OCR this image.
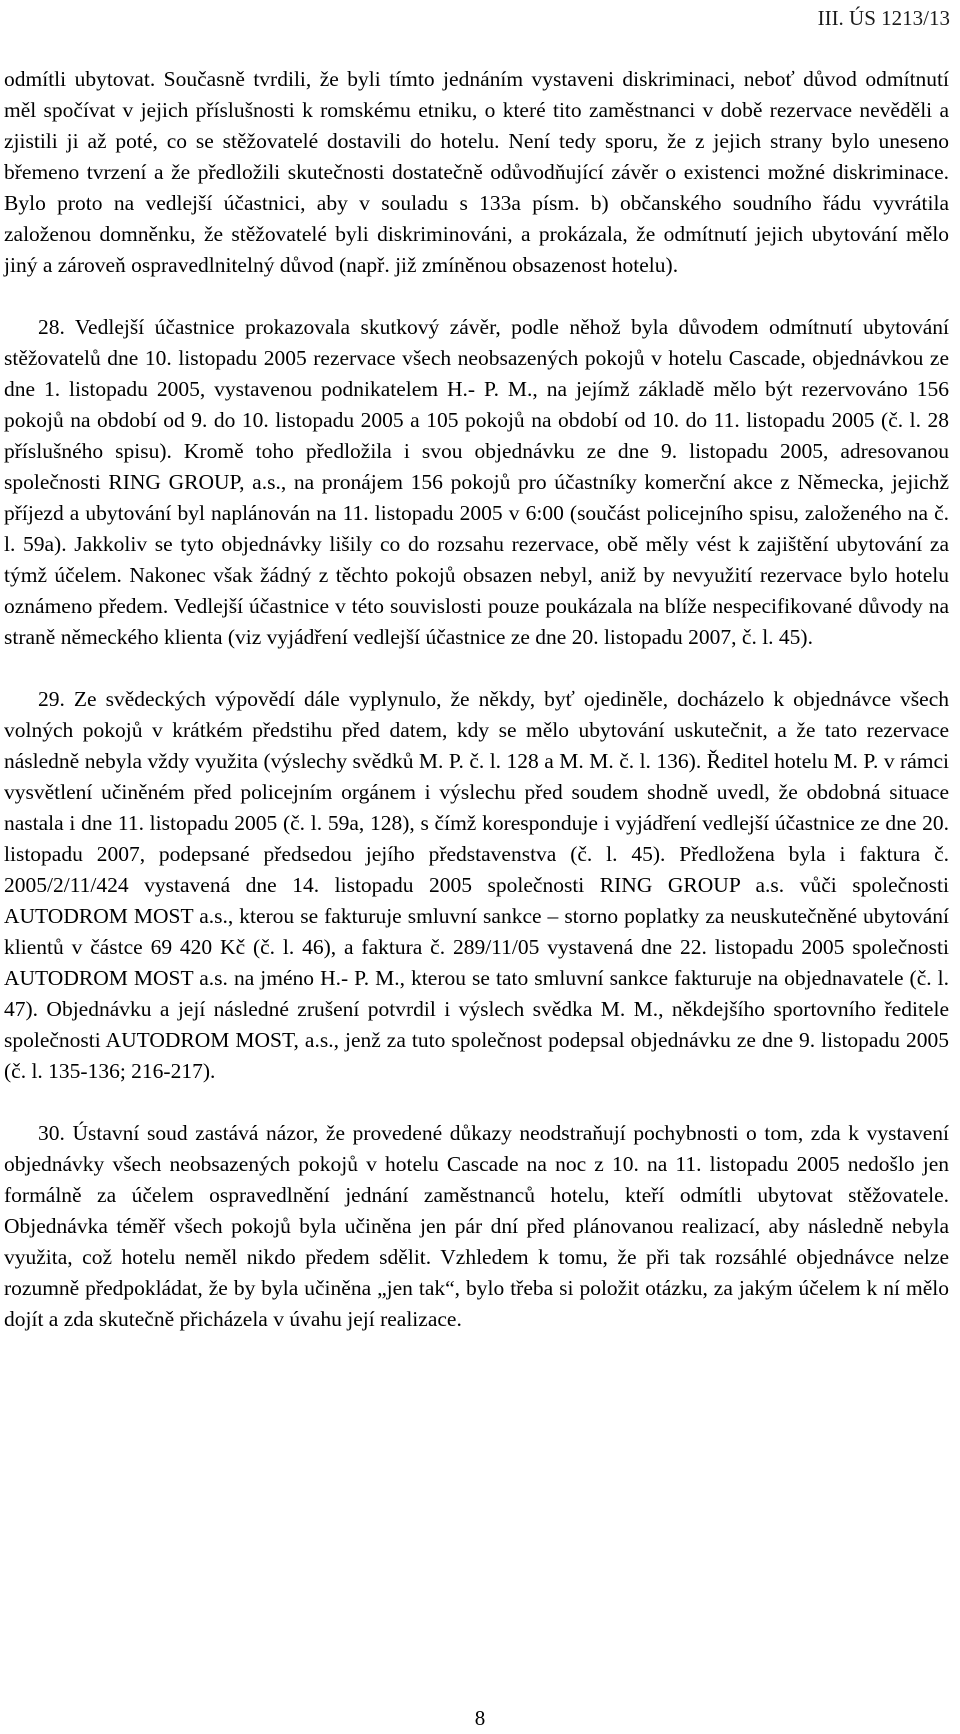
III. ÚS 1213/13

odmítli ubytovat. Současně tvrdili, že byli tímto jednáním vystaveni diskriminaci, neboť důvod odmítnutí měl spočívat v jejich příslušnosti k romskému etniku, o které tito zaměstnanci v době rezervace nevěděli a zjistili ji až poté, co se stěžovatelé dostavili do hotelu. Není tedy sporu, že z jejich strany bylo uneseno břemeno tvrzení a že předložili skutečnosti dostatečně odůvodňující závěr o existenci možné diskriminace. Bylo proto na vedlejší účastnici, aby v souladu s 133a písm. b) občanského soudního řádu vyvrátila založenou domněnku, že stěžovatelé byli diskriminováni, a prokázala, že odmítnutí jejich ubytování mělo jiný a zároveň ospravedlnitelný důvod (např. již zmíněnou obsazenost hotelu).

28. Vedlejší účastnice prokazovala skutkový závěr, podle něhož byla důvodem odmítnutí ubytování stěžovatelů dne 10. listopadu 2005 rezervace všech neobsazených pokojů v hotelu Cascade, objednávkou ze dne 1. listopadu 2005, vystavenou podnikatelem H.- P. M., na jejímž základě mělo být rezervováno 156 pokojů na období od 9. do 10. listopadu 2005 a 105 pokojů na období od 10. do 11. listopadu 2005 (č. l. 28 příslušného spisu). Kromě toho předložila i svou objednávku ze dne 9. listopadu 2005, adresovanou společnosti RING GROUP, a.s., na pronájem 156 pokojů pro účastníky komerční akce z Německa, jejichž příjezd a ubytování byl naplánován na 11. listopadu 2005 v 6:00 (součást policejního spisu, založeného na č. l. 59a). Jakkoliv se tyto objednávky lišily co do rozsahu rezervace, obě měly vést k zajištění ubytování za týmž účelem. Nakonec však žádný z těchto pokojů obsazen nebyl, aniž by nevyužití rezervace bylo hotelu oznámeno předem. Vedlejší účastnice v této souvislosti pouze poukázala na blíže nespecifikované důvody na straně německého klienta (viz vyjádření vedlejší účastnice ze dne 20. listopadu 2007, č. l. 45).

29. Ze svědeckých výpovědí dále vyplynulo, že někdy, byť ojediněle, docházelo k objednávce všech volných pokojů v krátkém předstihu před datem, kdy se mělo ubytování uskutečnit, a že tato rezervace následně nebyla vždy využita (výslechy svědků M. P. č. l. 128 a M. M. č. l. 136). Ředitel hotelu M. P. v rámci vysvětlení učiněném před policejním orgánem i výslechu před soudem shodně uvedl, že obdobná situace nastala i dne 11. listopadu 2005 (č. l. 59a, 128), s čímž koresponduje i vyjádření vedlejší účastnice ze dne 20. listopadu 2007, podepsané předsedou jejího představenstva (č. l. 45). Předložena byla i faktura č. 2005/2/11/424 vystavená dne 14. listopadu 2005 společnosti RING GROUP a.s. vůči společnosti AUTODROM MOST a.s., kterou se fakturuje smluvní sankce – storno poplatky za neuskutečněné ubytování klientů v částce 69 420 Kč (č. l. 46), a faktura č. 289/11/05 vystavená dne 22. listopadu 2005 společnosti AUTODROM MOST a.s. na jméno H.- P. M., kterou se tato smluvní sankce fakturuje na objednavatele (č. l. 47). Objednávku a její následné zrušení potvrdil i výslech svědka M. M., někdejšího sportovního ředitele společnosti AUTODROM MOST, a.s., jenž za tuto společnost podepsal objednávku ze dne 9. listopadu 2005 (č. l. 135-136; 216-217).

30. Ústavní soud zastává názor, že provedené důkazy neodstraňují pochybnosti o tom, zda k vystavení objednávky všech neobsazených pokojů v hotelu Cascade na noc z 10. na 11. listopadu 2005 nedošlo jen formálně za účelem ospravedlnění jednání zaměstnanců hotelu, kteří odmítli ubytovat stěžovatele. Objednávka téměř všech pokojů byla učiněna jen pár dní před plánovanou realizací, aby následně nebyla využita, což hotelu neměl nikdo předem sdělit. Vzhledem k tomu, že při tak rozsáhlé objednávce nelze rozumně předpokládat, že by byla učiněna „jen tak“, bylo třeba si položit otázku, za jakým účelem k ní mělo dojít a zda skutečně přicházela v úvahu její realizace.

8
